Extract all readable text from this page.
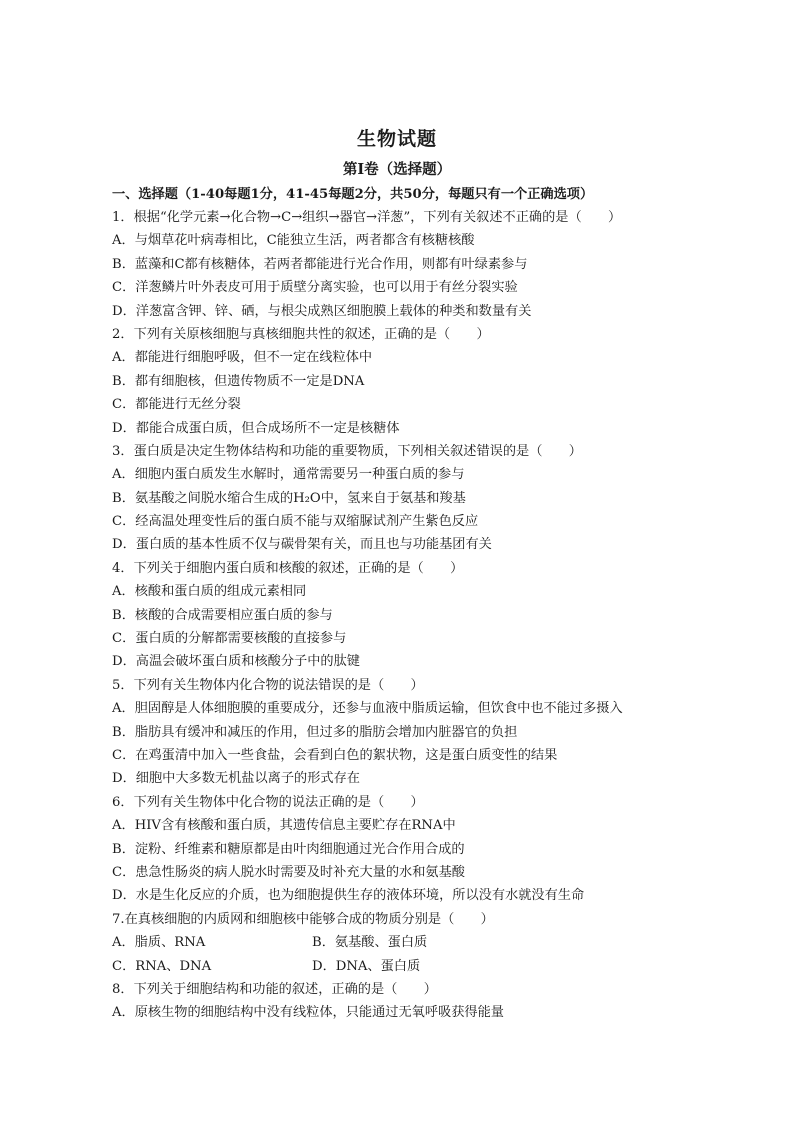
生物试题
第Ⅰ卷（选择题）
一、选择题（1-40每题1分，41-45每题2分，共50分，每题只有一个正确选项）
1．根据“化学元素→化合物→C→组织→器官→洋葱”，下列有关叙述不正确的是（　　）
A．与烟草花叶病毒相比，C能独立生活，两者都含有核糖核酸
B．蓝藻和C都有核糖体，若两者都能进行光合作用，则都有叶绿素参与
C．洋葱鳞片叶外表皮可用于质壁分离实验，也可以用于有丝分裂实验
D．洋葱富含钾、锌、硒，与根尖成熟区细胞膜上载体的种类和数量有关
2．下列有关原核细胞与真核细胞共性的叙述，正确的是（　　）
A．都能进行细胞呼吸，但不一定在线粒体中
B．都有细胞核，但遗传物质不一定是DNA
C．都能进行无丝分裂
D．都能合成蛋白质，但合成场所不一定是核糖体
3．蛋白质是决定生物体结构和功能的重要物质，下列相关叙述错误的是（　　）
A．细胞内蛋白质发生水解时，通常需要另一种蛋白质的参与
B．氨基酸之间脱水缩合生成的H₂O中，氢来自于氨基和羧基
C．经高温处理变性后的蛋白质不能与双缩脲试剂产生紫色反应
D．蛋白质的基本性质不仅与碳骨架有关，而且也与功能基团有关
4．下列关于细胞内蛋白质和核酸的叙述，正确的是（　　）
A．核酸和蛋白质的组成元素相同
B．核酸的合成需要相应蛋白质的参与
C．蛋白质的分解都需要核酸的直接参与
D．高温会破坏蛋白质和核酸分子中的肽键
5．下列有关生物体内化合物的说法错误的是（　　）
A．胆固醇是人体细胞膜的重要成分，还参与血液中脂质运输，但饮食中也不能过多摄入
B．脂肪具有缓冲和减压的作用，但过多的脂肪会增加内脏器官的负担
C．在鸡蛋清中加入一些食盐，会看到白色的絮状物，这是蛋白质变性的结果
D．细胞中大多数无机盐以离子的形式存在
6．下列有关生物体中化合物的说法正确的是（　　）
A．HIV含有核酸和蛋白质，其遗传信息主要贮存在RNA中
B．淀粉、纤维素和糖原都是由叶肉细胞通过光合作用合成的
C．患急性肠炎的病人脱水时需要及时补充大量的水和氨基酸
D．水是生化反应的介质，也为细胞提供生存的液体环境，所以没有水就没有生命
7.在真核细胞的内质网和细胞核中能够合成的物质分别是（　　）
A．脂质、RNA	B．氨基酸、蛋白质
C．RNA、DNA	D．DNA、蛋白质
8．下列关于细胞结构和功能的叙述，正确的是（　　）
A．原核生物的细胞结构中没有线粒体，只能通过无氧呼吸获得能量
